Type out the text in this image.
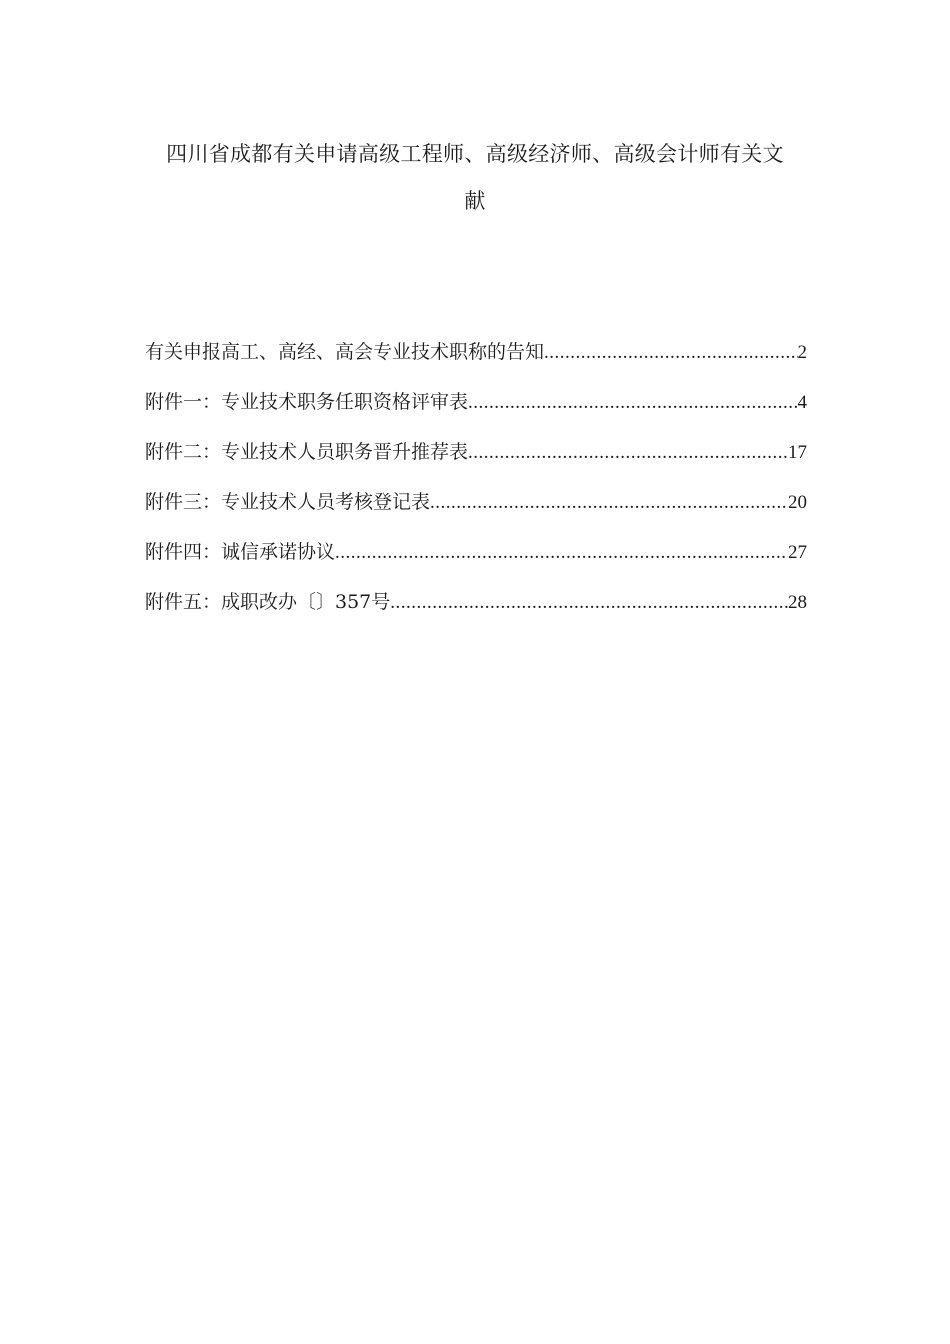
四川省成都有关申请高级工程师、高级经济师、高级会计师有关文
献
有关申报高工、高经、高会专业技术职称的告知 .....	2
附件一：专业技术职务任职资格评审表 .....	4
附件二：专业技术人员职务晋升推荐表 .....	17
附件三：专业技术人员考核登记表 .....	20
附件四：诚信承诺协议 .....	27
附件五：成职改办〔〕357号 .....	28
